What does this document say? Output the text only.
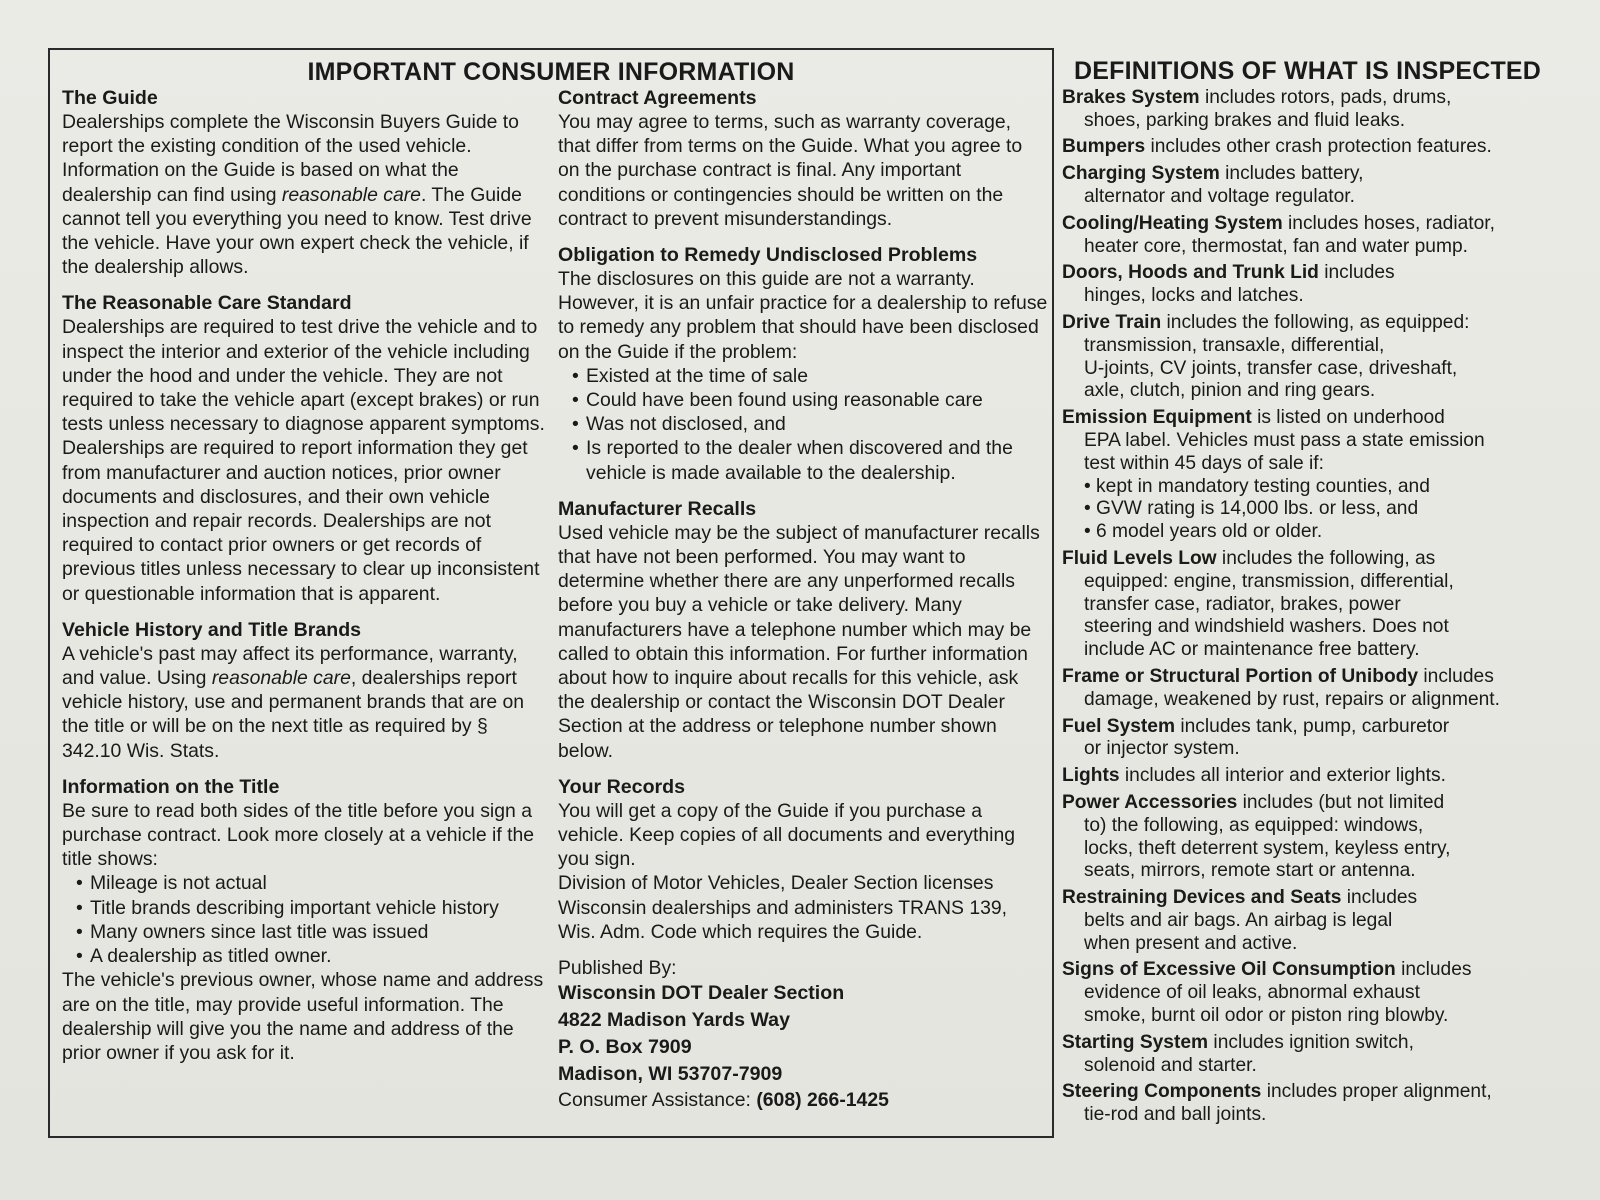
IMPORTANT CONSUMER INFORMATION
The Guide

Dealerships complete the Wisconsin Buyers Guide to report the existing condition of the used vehicle. Information on the Guide is based on what the dealership can find using reasonable care. The Guide cannot tell you everything you need to know. Test drive the vehicle. Have your own expert check the vehicle, if the dealership allows.

The Reasonable Care Standard

Dealerships are required to test drive the vehicle and to inspect the interior and exterior of the vehicle including under the hood and under the vehicle. They are not required to take the vehicle apart (except brakes) or run tests unless necessary to diagnose apparent symptoms.

Dealerships are required to report information they get from manufacturer and auction notices, prior owner documents and disclosures, and their own vehicle inspection and repair records. Dealerships are not required to contact prior owners or get records of previous titles unless necessary to clear up inconsistent or questionable information that is apparent.

Vehicle History and Title Brands

A vehicle's past may affect its performance, warranty, and value. Using reasonable care, dealerships report vehicle history, use and permanent brands that are on the title or will be on the next title as required by § 342.10 Wis. Stats.

Information on the Title

Be sure to read both sides of the title before you sign a purchase contract. Look more closely at a vehicle if the title shows:

• Mileage is not actual
• Title brands describing important vehicle history
• Many owners since last title was issued
• A dealership as titled owner.

The vehicle's previous owner, whose name and address are on the title, may provide useful information. The dealership will give you the name and address of the prior owner if you ask for it.

Contract Agreements

You may agree to terms, such as warranty coverage, that differ from terms on the Guide. What you agree to on the purchase contract is final. Any important conditions or contingencies should be written on the contract to prevent misunderstandings.

Obligation to Remedy Undisclosed Problems

The disclosures on this guide are not a warranty. However, it is an unfair practice for a dealership to refuse to remedy any problem that should have been disclosed on the Guide if the problem:

• Existed at the time of sale
• Could have been found using reasonable care
• Was not disclosed, and
• Is reported to the dealer when discovered and the vehicle is made available to the dealership.
Manufacturer Recalls

Used vehicle may be the subject of manufacturer recalls that have not been performed. You may want to determine whether there are any unperformed recalls before you buy a vehicle or take delivery. Many manufacturers have a telephone number which may be called to obtain this information. For further information about how to inquire about recalls for this vehicle, ask the dealership or contact the Wisconsin DOT Dealer Section at the address or telephone number shown below.

Your Records

You will get a copy of the Guide if you purchase a vehicle. Keep copies of all documents and everything you sign.

Division of Motor Vehicles, Dealer Section licenses Wisconsin dealerships and administers TRANS 139, Wis. Adm. Code which requires the Guide.

Published By:

Wisconsin DOT Dealer Section

4822 Madison Yards Way

P. O. Box 7909

Madison, WI 53707-7909

Consumer Assistance: (608) 266-1425

DEFINITIONS OF WHAT IS INSPECTED
Brakes System includes rotors, pads, drums,
shoes, parking brakes and fluid leaks.
Bumpers includes other crash protection features.
Charging System includes battery,
alternator and voltage regulator.
Cooling/Heating System includes hoses, radiator,
heater core, thermostat, fan and water pump.
Doors, Hoods and Trunk Lid includes
hinges, locks and latches.
Drive Train includes the following, as equipped:
transmission, transaxle, differential,
U-joints, CV joints, transfer case, driveshaft,
axle, clutch, pinion and ring gears.
Emission Equipment is listed on underhood
EPA label. Vehicles must pass a state emission
test within 45 days of sale if:
• kept in mandatory testing counties, and
• GVW rating is 14,000 lbs. or less, and
• 6 model years old or older.
Fluid Levels Low includes the following, as
equipped: engine, transmission, differential,
transfer case, radiator, brakes, power
steering and windshield washers. Does not
include AC or maintenance free battery.
Frame or Structural Portion of Unibody includes
damage, weakened by rust, repairs or alignment.
Fuel System includes tank, pump, carburetor
or injector system.
Lights includes all interior and exterior lights.
Power Accessories includes (but not limited
to) the following, as equipped: windows,
locks, theft deterrent system, keyless entry,
seats, mirrors, remote start or antenna.
Restraining Devices and Seats includes
belts and air bags. An airbag is legal
when present and active.
Signs of Excessive Oil Consumption includes
evidence of oil leaks, abnormal exhaust
smoke, burnt oil odor or piston ring blowby.
Starting System includes ignition switch,
solenoid and starter.
Steering Components includes proper alignment,
tie-rod and ball joints.
